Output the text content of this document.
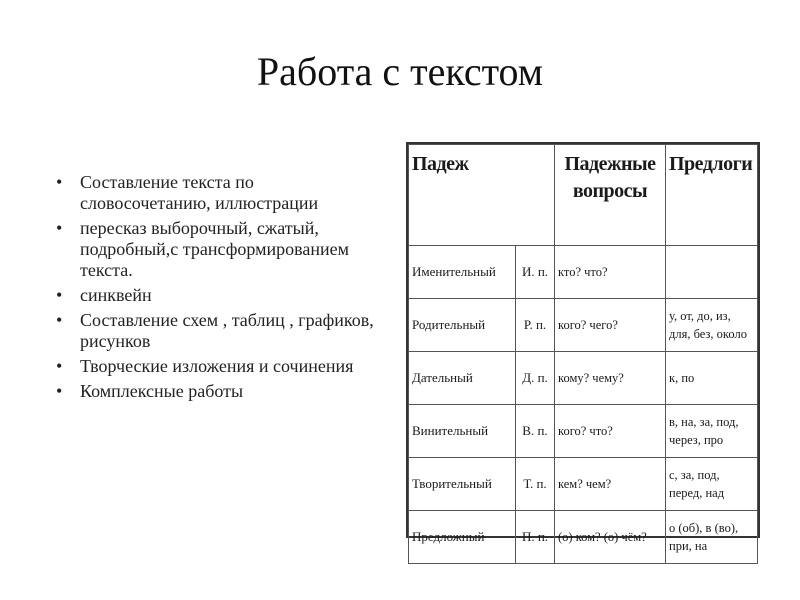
Работа с текстом
• Составление текста по словосочетанию, иллюстрации
• пересказ выборочный, сжатый, подробный,с трансформированием текста.
• синквейн
• Составление схем , таблиц , графиков, рисунков
• Творческие изложения и сочинения
• Комплексные работы
Падеж		Падежные вопросы	Предлоги
Именительный	И. п.	кто? что?	
Родительный	Р. п.	кого? чего?	у, от, до, из, для, без, около
Дательный	Д. п.	кому? чему?	к, по
Винительный	В. п.	кого? что?	в, на, за, под, через, про
Творительный	Т. п.	кем? чем?	с, за, под, перед, над
Предложный	П. п.	(о) ком? (о) чём?	о (об), в (во), при, на
